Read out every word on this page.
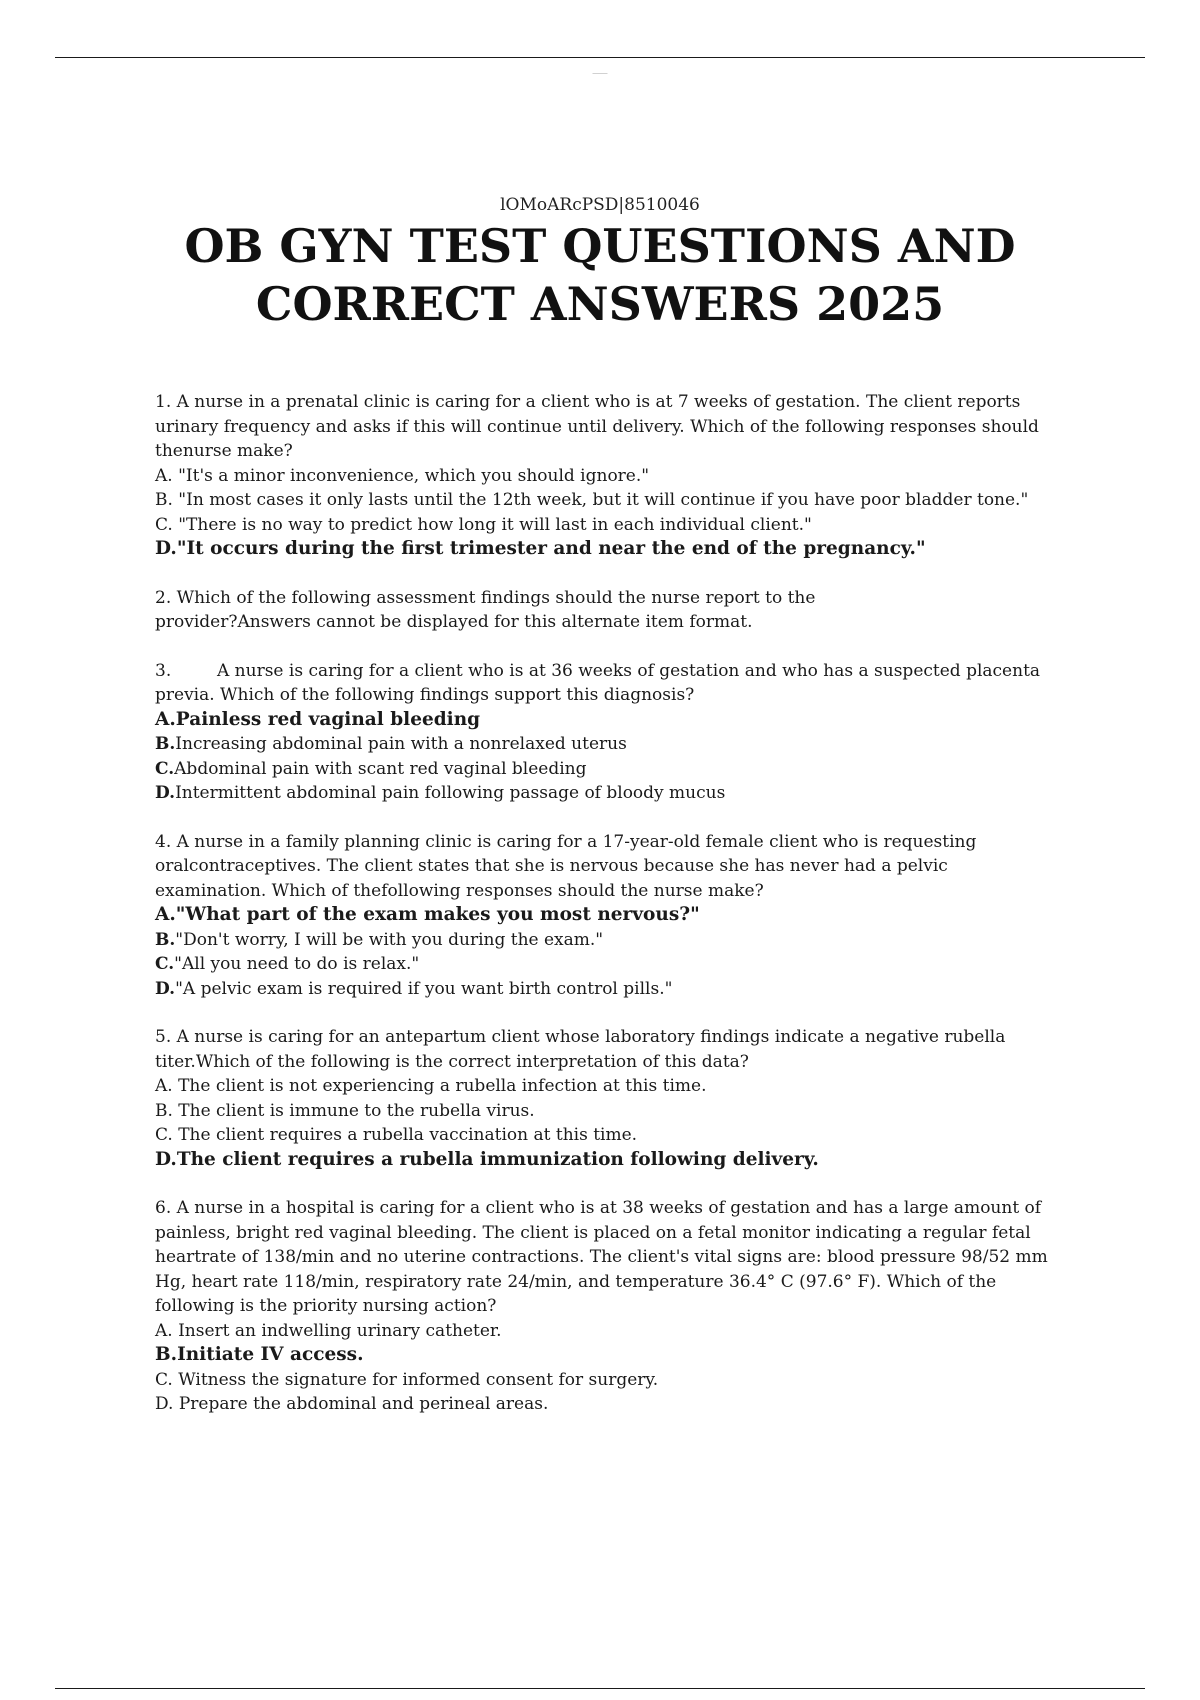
———
lOMoARcPSD|8510046
OB GYN TEST QUESTIONS AND
CORRECT ANSWERS 2025

1. A nurse in a prenatal clinic is caring for a client who is at 7 weeks of gestation. The client reports urinary frequency and asks if this will continue until delivery. Which of the following responses should thenurse make?

A. "It's a minor inconvenience, which you should ignore."

B. "In most cases it only lasts until the 12th week, but it will continue if you have poor bladder tone."

C. "There is no way to predict how long it will last in each individual client."

D."It occurs during the first trimester and near the end of the pregnancy."

2. Which of the following assessment findings should the nurse report to the provider?Answers cannot be displayed for this alternate item format.

3.	A nurse is caring for a client who is at 36 weeks of gestation and who has a suspected placenta previa. Which of the following findings support this diagnosis?

A.Painless red vaginal bleeding

B.Increasing abdominal pain with a nonrelaxed uterus

C.Abdominal pain with scant red vaginal bleeding

D.Intermittent abdominal pain following passage of bloody mucus

4. A nurse in a family planning clinic is caring for a 17-year-old female client who is requesting oralcontraceptives. The client states that she is nervous because she has never had a pelvic examination. Which of thefollowing responses should the nurse make?

A."What part of the exam makes you most nervous?"

B."Don't worry, I will be with you during the exam."

C."All you need to do is relax."

D."A pelvic exam is required if you want birth control pills."

5. A nurse is caring for an antepartum client whose laboratory findings indicate a negative rubella titer.Which of the following is the correct interpretation of this data?

A. The client is not experiencing a rubella infection at this time.

B. The client is immune to the rubella virus.

C. The client requires a rubella vaccination at this time.

D.The client requires a rubella immunization following delivery.

6. A nurse in a hospital is caring for a client who is at 38 weeks of gestation and has a large amount of painless, bright red vaginal bleeding. The client is placed on a fetal monitor indicating a regular fetal heartrate of 138/min and no uterine contractions. The client's vital signs are: blood pressure 98/52 mm Hg, heart rate 118/min, respiratory rate 24/min, and temperature 36.4° C (97.6° F). Which of the following is the priority nursing action?

A. Insert an indwelling urinary catheter.

B.Initiate IV access.

C. Witness the signature for informed consent for surgery.

D. Prepare the abdominal and perineal areas.
